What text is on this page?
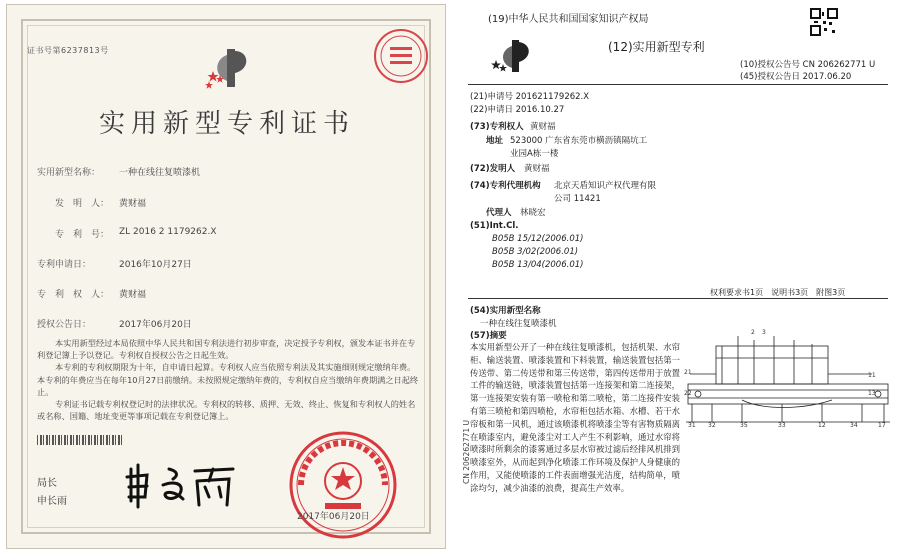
证书号第6237813号
实用新型专利证书
实用新型名称： 一种在线往复喷漆机
发　明　人： 黄财福
专　利　号： ZL 2016 2 1179262.X
专利申请日：	2016年10月27日
专　利　权　人： 黄财福
授权公告日：	2017年06月20日

本实用新型经过本局依照中华人民共和国专利法进行初步审查，决定授予专利权，颁发本证书并在专利登记簿上予以登记。专利权自授权公告之日起生效。

本专利的专利权期限为十年，自申请日起算。专利权人应当依照专利法及其实施细则规定缴纳年费。本专利的年费应当在每年10月27日前缴纳。未按照规定缴纳年费的，专利权自应当缴纳年费期满之日起终止。

专利证书记载专利权登记时的法律状况。专利权的转移、质押、无效、终止、恢复和专利权人的姓名或名称、国籍、地址变更等事项记载在专利登记簿上。

局长
申长雨
2017年06月20日
(19)中华人民共和国国家知识产权局
(12)实用新型专利
(10)授权公告号 CN 206262771 U
(45)授权公告日 2017.06.20
(21)申请号 201621179262.X
(22)申请日 2016.10.27
(73)专利权人 黄财福
地址 523000 广东省东莞市横沥镇隔坑工
业园A栋一楼
(72)发明人 黄财福
(74)专利代理机构 北京天盾知识产权代理有限
公司 11421
代理人 林晓宏
(51)Int.Cl.
B05B 15/12(2006.01)
B05B 3/02(2006.01)
B05B 13/04(2006.01)
权利要求书1页　说明书3页　附图3页
(54)实用新型名称
一种在线往复喷漆机
(57)摘要

本实用新型公开了一种在线往复喷漆机，包括机架、水帘柜、输送装置、喷漆装置和下料装置，输送装置包括第一传送带、第二传送带和第三传送带，第四传送带用于放置工件的输送链，喷漆装置包括第一连接架和第二连接架，第一连接架安装有第一喷枪和第二喷枪，第二连接件安装有第三喷枪和第四喷枪，水帘柜包括水箱、水槽、若干水帘板和第一风机，通过该喷漆机将喷漆尘等有害物质隔离在喷漆室内，避免漆尘对工人产生不利影响，通过水帘将喷漆时所剩余的漆雾通过多层水帘被过滤后经排风机排到喷漆室外，从而起到净化喷漆工作环境及保护人身健康的作用，又能使喷漆的工件表面增强光洁度，结构简单，喷涂均匀，减少油漆的浪费，提高生产效率。

CN 206262771 U
2 3
21
22
11
13
31 32	35	33	12	34	17
